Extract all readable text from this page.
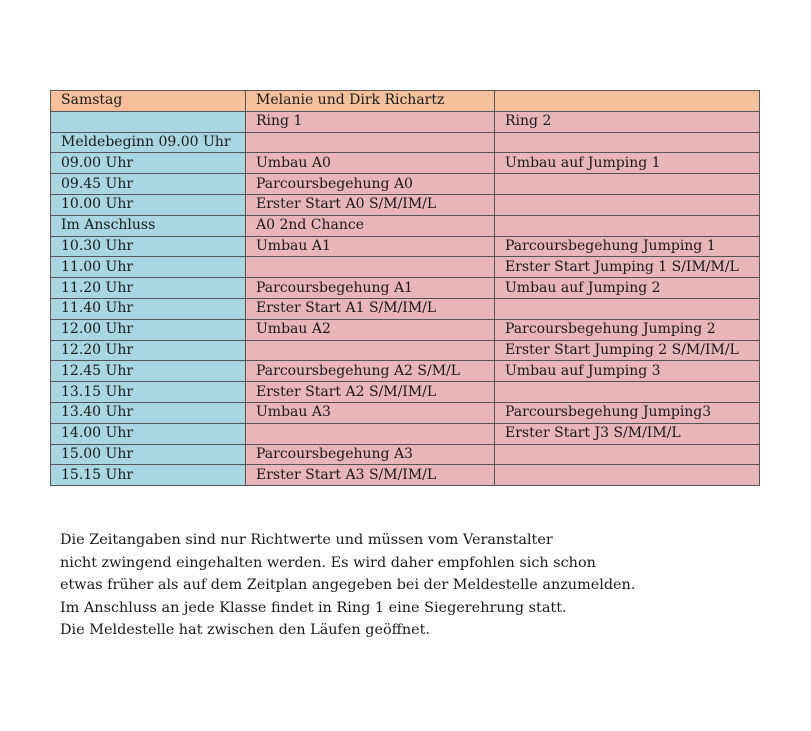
Samstag	Melanie und Dirk Richartz	
	Ring 1	Ring 2
Meldebeginn 09.00 Uhr		
09.00 Uhr	Umbau A0	Umbau auf Jumping 1
09.45 Uhr	Parcoursbegehung A0	
10.00 Uhr	Erster Start A0 S/M/IM/L	
Im Anschluss	A0 2nd Chance	
10.30 Uhr	Umbau A1	Parcoursbegehung Jumping 1
11.00 Uhr		Erster Start Jumping 1 S/IM/M/L
11.20 Uhr	Parcoursbegehung A1	Umbau auf Jumping 2
11.40 Uhr	Erster Start A1 S/M/IM/L	
12.00 Uhr	Umbau A2	Parcoursbegehung Jumping 2
12.20 Uhr		Erster Start Jumping 2 S/M/IM/L
12.45 Uhr	Parcoursbegehung A2 S/M/L	Umbau auf Jumping 3
13.15 Uhr	Erster Start A2 S/M/IM/L	
13.40 Uhr	Umbau A3	Parcoursbegehung Jumping3
14.00 Uhr		Erster Start J3 S/M/IM/L
15.00 Uhr	Parcoursbegehung A3	
15.15 Uhr	Erster Start A3 S/M/IM/L	
Die Zeitangaben sind nur Richtwerte und müssen vom Veranstalter
nicht zwingend eingehalten werden. Es wird daher empfohlen sich schon
etwas früher als auf dem Zeitplan angegeben bei der Meldestelle anzumelden.
Im Anschluss an jede Klasse findet in Ring 1 eine Siegerehrung statt.
Die Meldestelle hat zwischen den Läufen geöffnet.
